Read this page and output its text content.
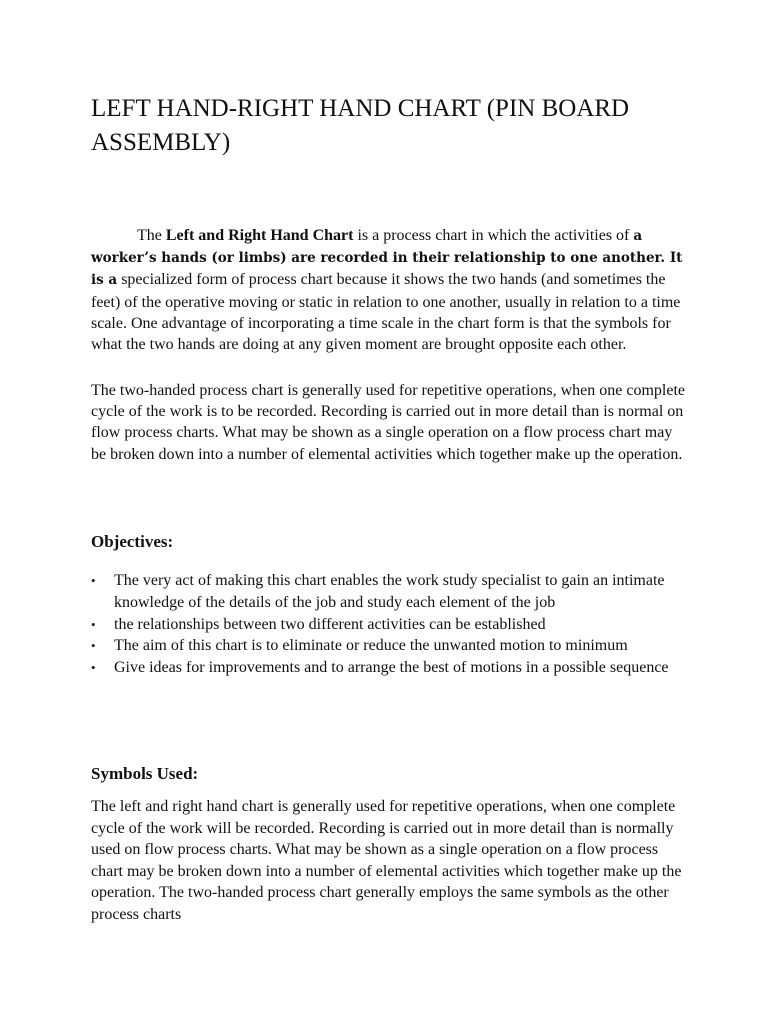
LEFT HAND-RIGHT HAND CHART (PIN BOARD ASSEMBLY)

The Left and Right Hand Chart is a process chart in which the activities of a worker’s hands (or limbs) are recorded in their relationship to one another. It is a specialized form of process chart because it shows the two hands (and sometimes the feet) of the operative moving or static in relation to one another, usually in relation to a time scale. One advantage of incorporating a time scale in the chart form is that the symbols for what the two hands are doing at any given moment are brought opposite each other.

The two-handed process chart is generally used for repetitive operations, when one complete cycle of the work is to be recorded. Recording is carried out in more detail than is normal on flow process charts. What may be shown as a single operation on a flow process chart may be broken down into a number of elemental activities which together make up the operation.

Objectives:
• The very act of making this chart enables the work study specialist to gain an intimate knowledge of the details of the job and study each element of the job
• the relationships between two different activities can be established
• The aim of this chart is to eliminate or reduce the unwanted motion to minimum
• Give ideas for improvements and to arrange the best of motions in a possible sequence
Symbols Used:

The left and right hand chart is generally used for repetitive operations, when one complete cycle of the work will be recorded. Recording is carried out in more detail than is normally used on flow process charts. What may be shown as a single operation on a flow process chart may be broken down into a number of elemental activities which together make up the operation. The two-handed process chart generally employs the same symbols as the other process charts
